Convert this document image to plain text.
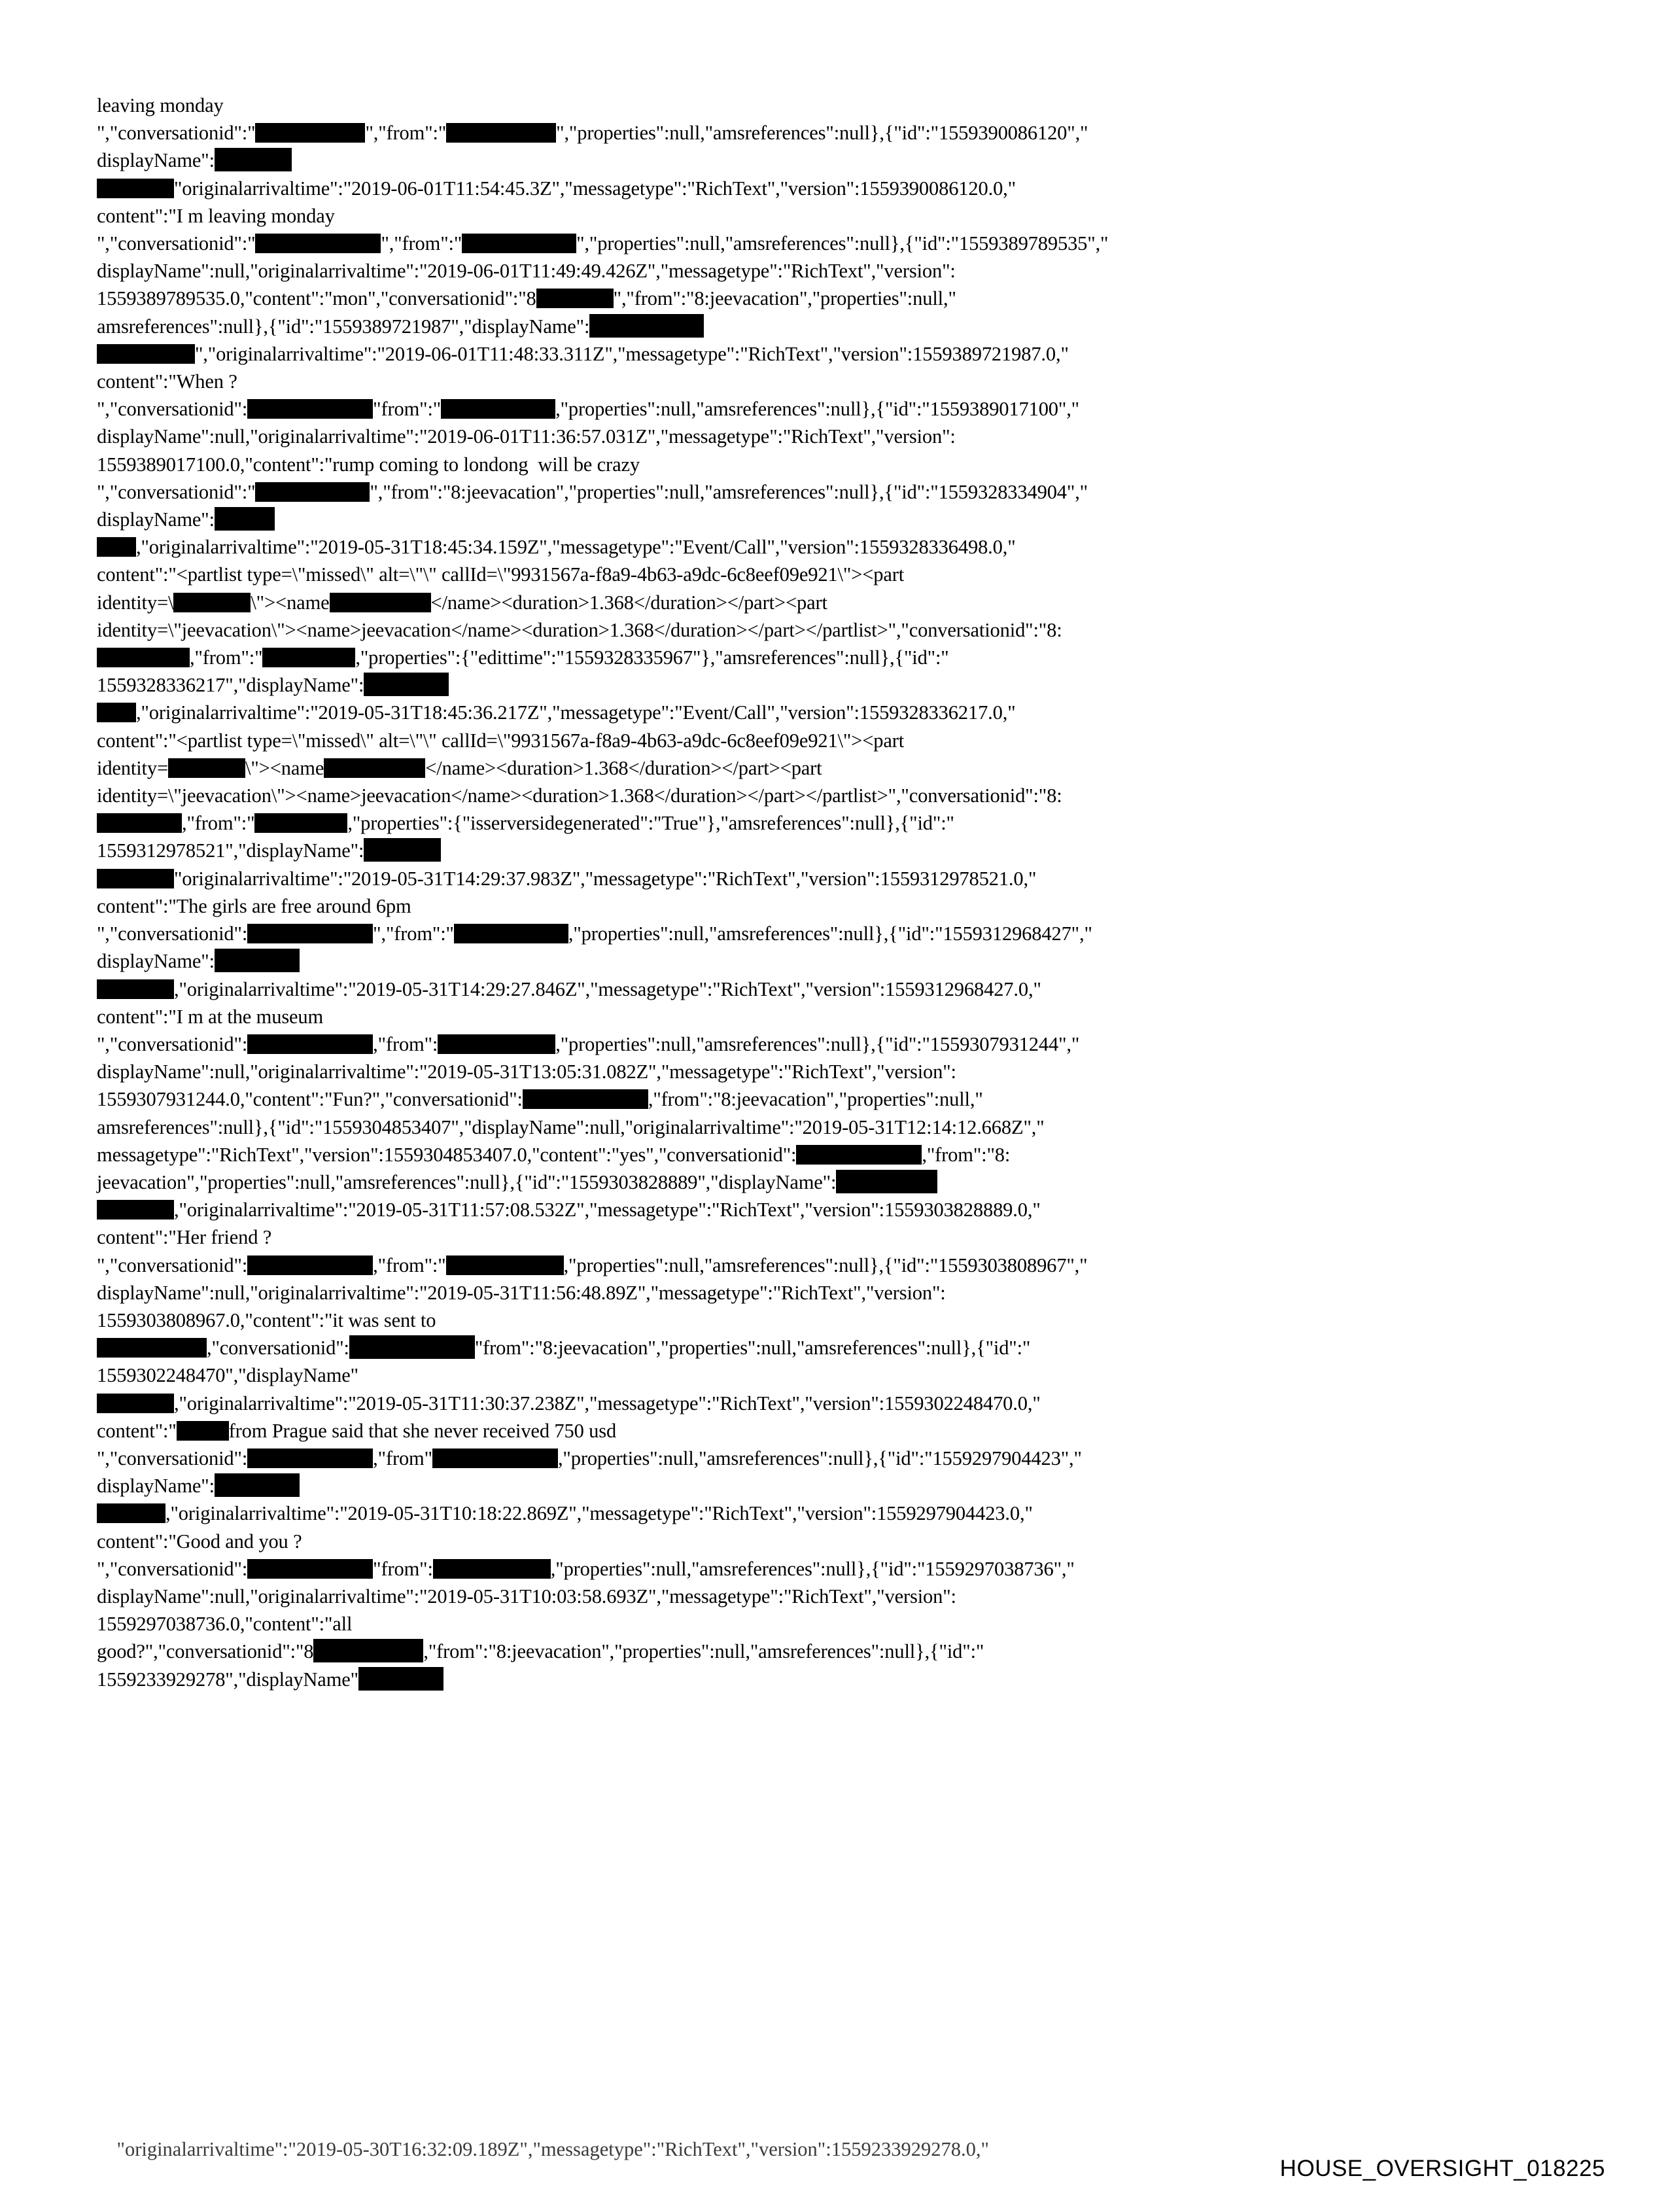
leaving monday
","conversationid":"	","from":"	","properties":null,"amsreferences":null},{"id":"1559390086120","
displayName":
"originalarrivaltime":"2019-06-01T11:54:45.3Z","messagetype":"RichText","version":1559390086120.0,"
content":"I m leaving monday
","conversationid":"	","from":"	","properties":null,"amsreferences":null},{"id":"1559389789535","
displayName":null,"originalarrivaltime":"2019-06-01T11:49:49.426Z","messagetype":"RichText","version":
1559389789535.0,"content":"mon","conversationid":"8	","from":"8:jeevacation","properties":null,"
amsreferences":null},{"id":"1559389721987","displayName":
","originalarrivaltime":"2019-06-01T11:48:33.311Z","messagetype":"RichText","version":1559389721987.0,"
content":"When ?
","conversationid":	"from":"	,"properties":null,"amsreferences":null},{"id":"1559389017100","
displayName":null,"originalarrivaltime":"2019-06-01T11:36:57.031Z","messagetype":"RichText","version":
1559389017100.0,"content":"rump coming to londong  will be crazy
","conversationid":"	","from":"8:jeevacation","properties":null,"amsreferences":null},{"id":"1559328334904","
displayName":
,"originalarrivaltime":"2019-05-31T18:45:34.159Z","messagetype":"Event/Call","version":1559328336498.0,"
content":"<partlist type=\"missed\" alt=\"\" callId=\"9931567a-f8a9-4b63-a9dc-6c8eef09e921\"><part
identity=\	\"><name	</name><duration>1.368</duration></part><part
identity=\"jeevacation\"><name>jeevacation</name><duration>1.368</duration></part></partlist>","conversationid":"8:
,"from":"	,"properties":{"edittime":"1559328335967"},"amsreferences":null},{"id":"
1559328336217","displayName":
,"originalarrivaltime":"2019-05-31T18:45:36.217Z","messagetype":"Event/Call","version":1559328336217.0,"
content":"<partlist type=\"missed\" alt=\"\" callId=\"9931567a-f8a9-4b63-a9dc-6c8eef09e921\"><part
identity=	\"><name	</name><duration>1.368</duration></part><part
identity=\"jeevacation\"><name>jeevacation</name><duration>1.368</duration></part></partlist>","conversationid":"8:
,"from":"	,"properties":{"isserversidegenerated":"True"},"amsreferences":null},{"id":"
1559312978521","displayName":
"originalarrivaltime":"2019-05-31T14:29:37.983Z","messagetype":"RichText","version":1559312978521.0,"
content":"The girls are free around 6pm
","conversationid":	","from":"	,"properties":null,"amsreferences":null},{"id":"1559312968427","
displayName":
,"originalarrivaltime":"2019-05-31T14:29:27.846Z","messagetype":"RichText","version":1559312968427.0,"
content":"I m at the museum
","conversationid":	,"from":	,"properties":null,"amsreferences":null},{"id":"1559307931244","
displayName":null,"originalarrivaltime":"2019-05-31T13:05:31.082Z","messagetype":"RichText","version":
1559307931244.0,"content":"Fun?","conversationid":	,"from":"8:jeevacation","properties":null,"
amsreferences":null},{"id":"1559304853407","displayName":null,"originalarrivaltime":"2019-05-31T12:14:12.668Z","
messagetype":"RichText","version":1559304853407.0,"content":"yes","conversationid":	,"from":"8:
jeevacation","properties":null,"amsreferences":null},{"id":"1559303828889","displayName":
,"originalarrivaltime":"2019-05-31T11:57:08.532Z","messagetype":"RichText","version":1559303828889.0,"
content":"Her friend ?
","conversationid":	,"from":"	,"properties":null,"amsreferences":null},{"id":"1559303808967","
displayName":null,"originalarrivaltime":"2019-05-31T11:56:48.89Z","messagetype":"RichText","version":
1559303808967.0,"content":"it was sent to
,"conversationid":	"from":"8:jeevacation","properties":null,"amsreferences":null},{"id":"
1559302248470","displayName"
,"originalarrivaltime":"2019-05-31T11:30:37.238Z","messagetype":"RichText","version":1559302248470.0,"
content":"	from Prague said that she never received 750 usd
","conversationid":	,"from"	,"properties":null,"amsreferences":null},{"id":"1559297904423","
displayName":
,"originalarrivaltime":"2019-05-31T10:18:22.869Z","messagetype":"RichText","version":1559297904423.0,"
content":"Good and you ?
","conversationid":	"from":	,"properties":null,"amsreferences":null},{"id":"1559297038736","
displayName":null,"originalarrivaltime":"2019-05-31T10:03:58.693Z","messagetype":"RichText","version":
1559297038736.0,"content":"all
good?","conversationid":"8	,"from":"8:jeevacation","properties":null,"amsreferences":null},{"id":"
1559233929278","displayName"

"originalarrivaltime":"2019-05-30T16:32:09.189Z","messagetype":"RichText","version":1559233929278.0,"

HOUSE_OVERSIGHT_018225
